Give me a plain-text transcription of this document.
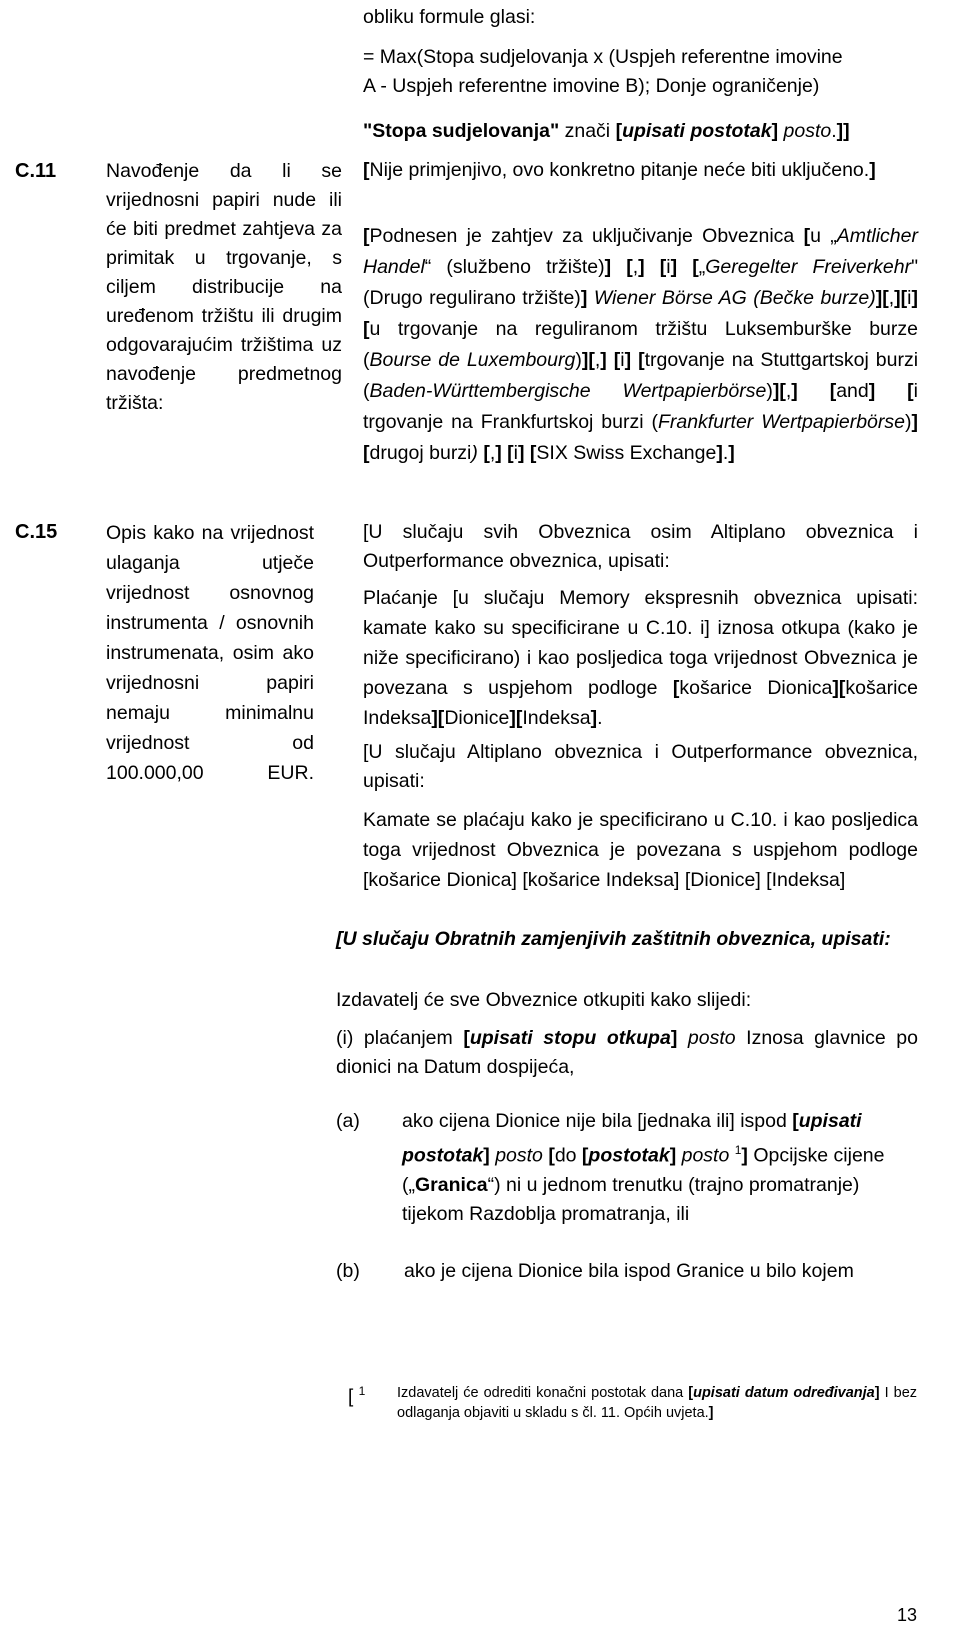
obliku formule glasi:
= Max(Stopa sudjelovanja x (Uspjeh referentne imovine
A - Uspjeh referentne imovine B); Donje ograničenje)
"Stopa sudjelovanja" znači [upisati postotak] posto.]]
C.11	Navođenje da li se vrijednosni papiri nude ili će biti predmet zahtjeva za primitak u trgovanje, s ciljem distribucije na uređenom tržištu ili drugim odgovarajućim tržištima uz navođenje predmetnog tržišta:
[Nije primjenjivo, ovo konkretno pitanje neće biti uključeno.]
[Podnesen je zahtjev za uključivanje Obveznica [u „Amtlicher Handel“ (službeno tržište)] [,] [i] [„Geregelter Freiverkehr" (Drugo regulirano tržište)] Wiener Börse AG (Bečke burze)][,][i] [u trgovanje na reguliranom tržištu Luksemburške burze (Bourse de Luxembourg)][,] [i] [trgovanje na Stuttgartskoj burzi (Baden-Württembergische Wertpapierbörse)][,] [and] [i trgovanje na Frankfurtskoj burzi (Frankfurter Wertpapierbörse)] [drugoj burzi) [,] [i] [SIX Swiss Exchange].]
C.15	Opis kako na vrijednost ulaganja utječe vrijednost osnovnog instrumenta / osnovnih instrumenata, osim ako vrijednosni papiri nemaju minimalnu vrijednost od 100.000,00 EUR.
[U slučaju svih Obveznica osim Altiplano obveznica i Outperformance obveznica, upisati:
Plaćanje [u slučaju Memory ekspresnih obveznica upisati: kamate kako su specificirane u C.10. i] iznosa otkupa (kako je niže specificirano) i kao posljedica toga vrijednost Obveznica je povezana s uspjehom podloge [košarice Dionica][košarice Indeksa][Dionice][Indeksa].
[U slučaju Altiplano obveznica i Outperformance obveznica, upisati:
Kamate se plaćaju kako je specificirano u C.10. i kao posljedica toga vrijednost Obveznica je povezana s uspjehom podloge [košarice Dionica] [košarice Indeksa] [Dionice] [Indeksa]
[U slučaju Obratnih zamjenjivih zaštitnih obveznica, upisati:
Izdavatelj će sve Obveznice otkupiti kako slijedi:
(i) plaćanjem [upisati stopu otkupa] posto Iznosa glavnice po dionici na Datum dospijeća,
(a) ako cijena Dionice nije bila [jednaka ili] ispod [upisati postotak] posto [do [postotak] posto $^1$] Opcijske cijene („Granica“) ni u jednom trenutku (trajno promatranje) tijekom Razdoblja promatranja, ili
(b) ako je cijena Dionice bila ispod Granice u bilo kojem
[ $^1$ Izdavatelj će odrediti konačni postotak dana [upisati datum određivanja] I bez odlaganja objaviti u skladu s čl. 11. Općih uvjeta.]
13
